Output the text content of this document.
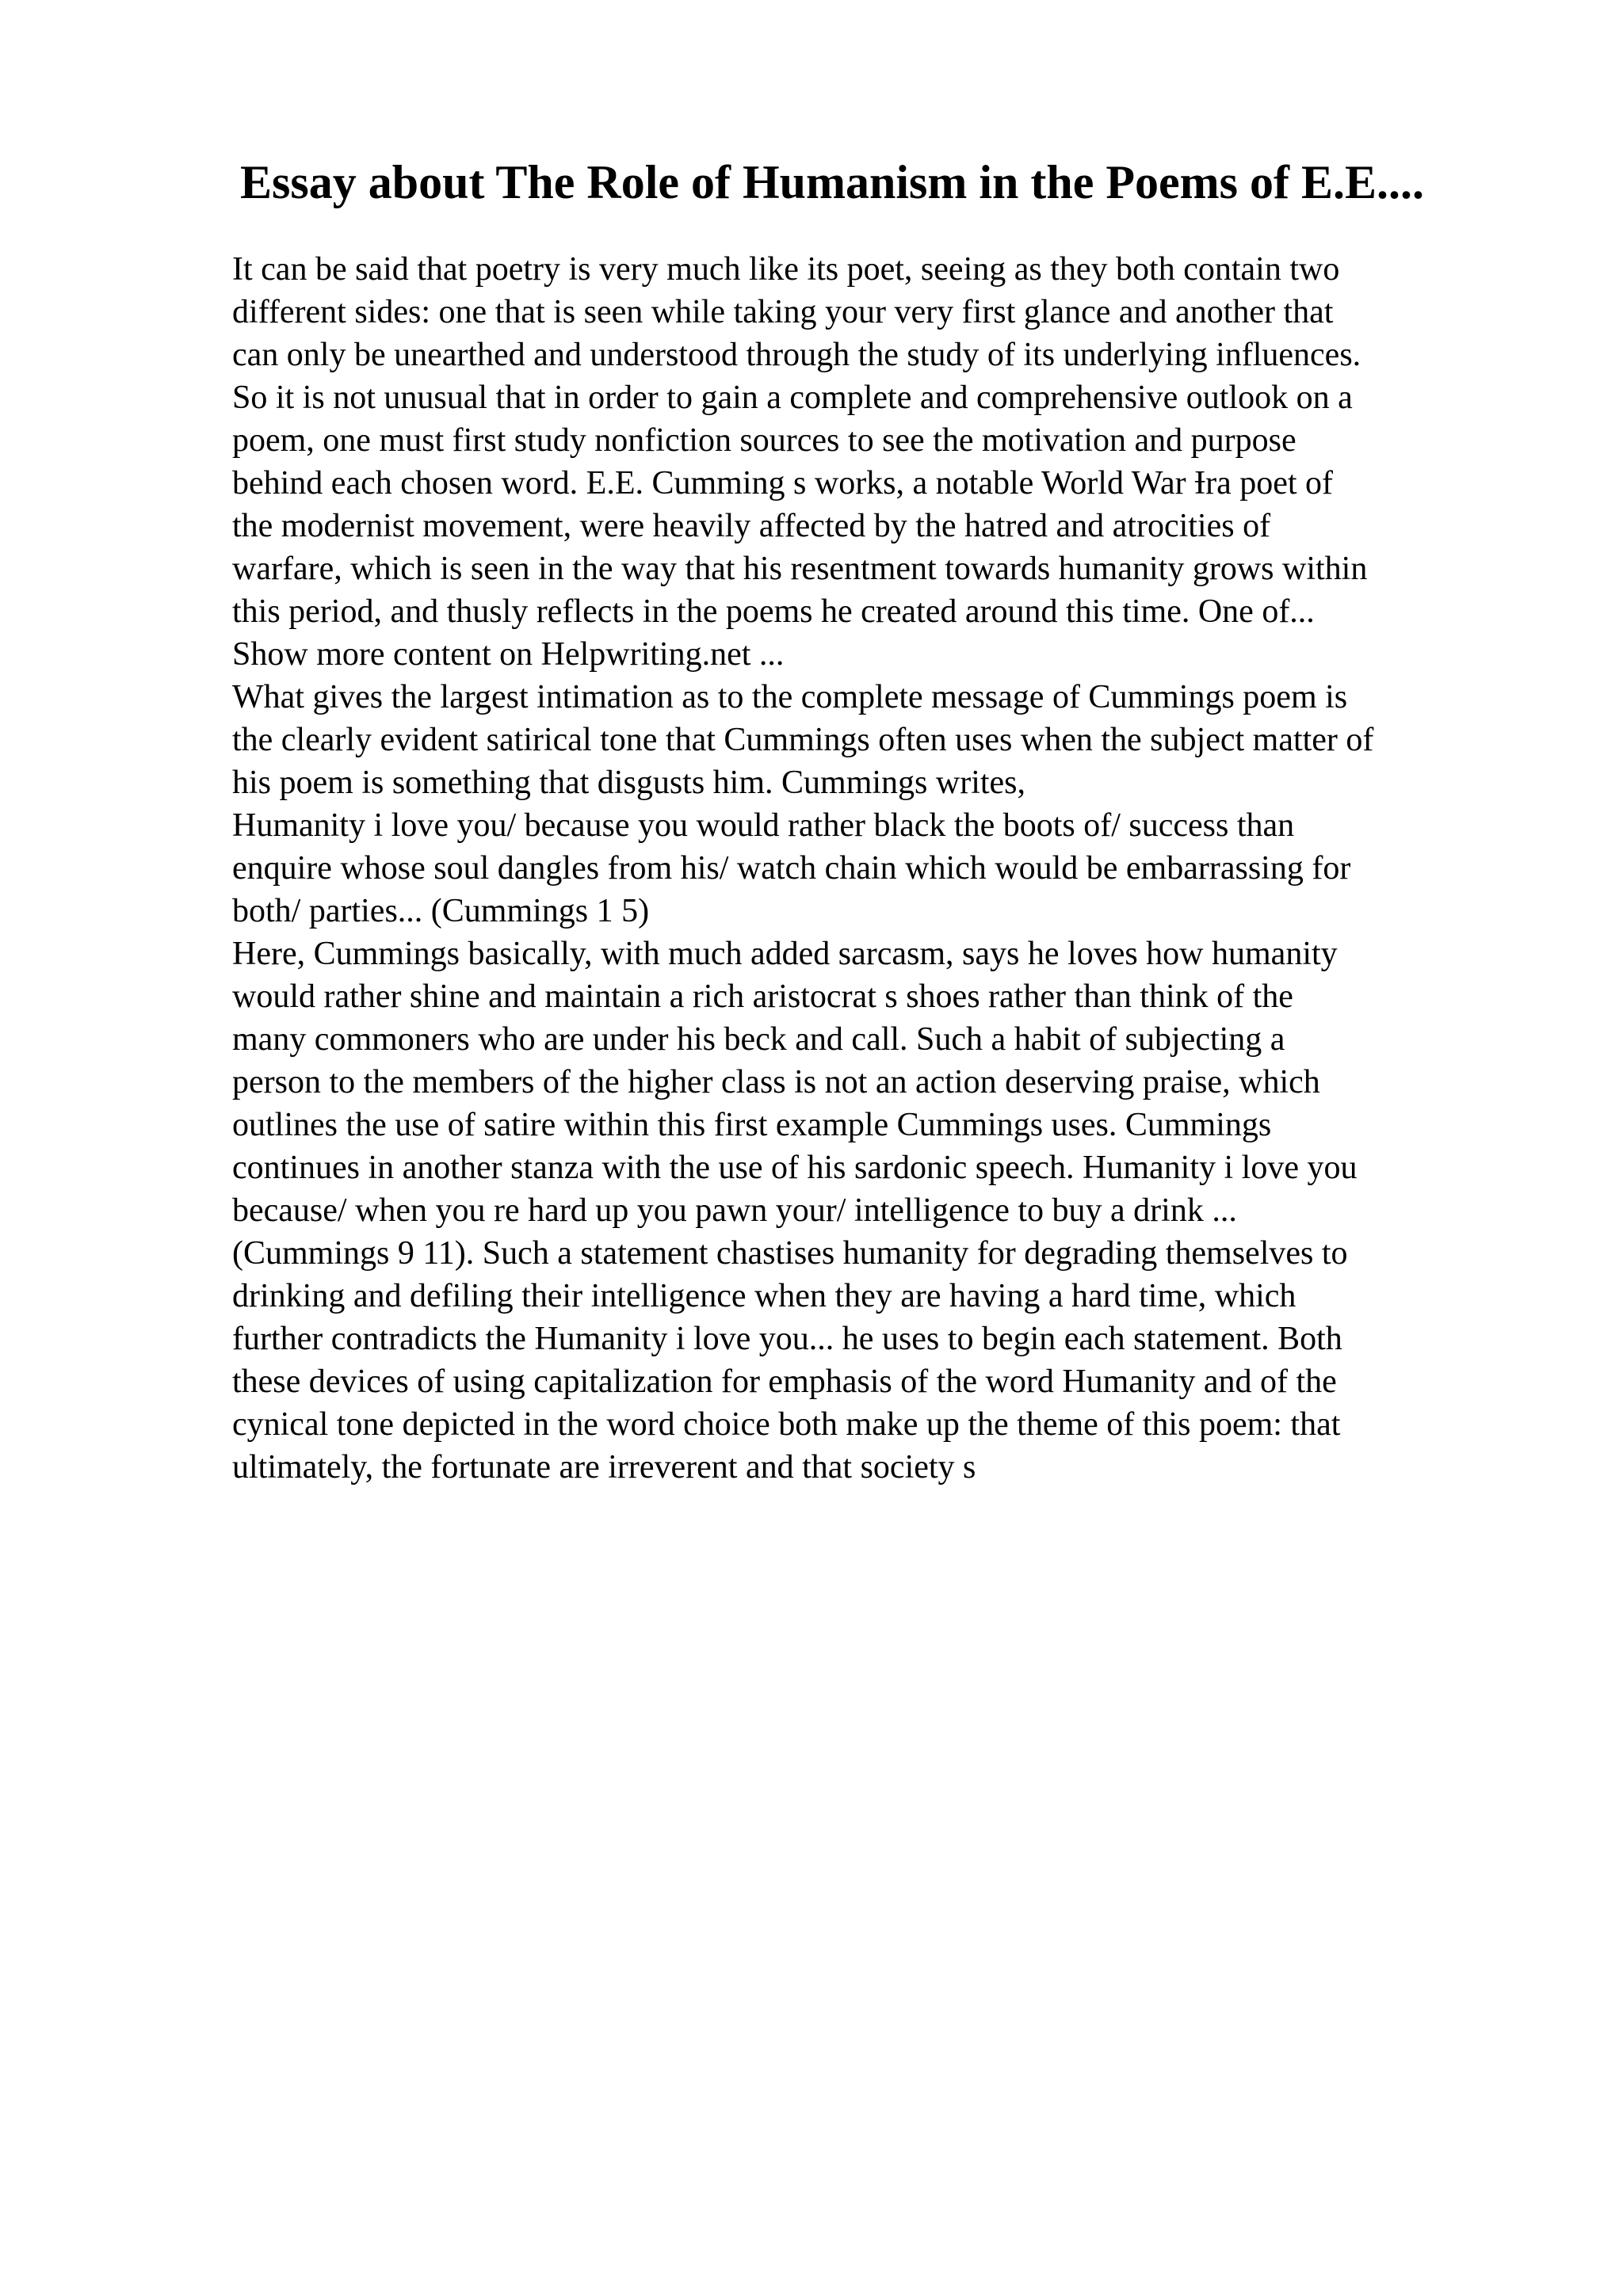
Essay about The Role of Humanism in the Poems of E.E....
It can be said that poetry is very much like its poet, seeing as they both contain two
different sides: one that is seen while taking your very first glance and another that
can only be unearthed and understood through the study of its underlying influences.
So it is not unusual that in order to gain a complete and comprehensive outlook on a
poem, one must first study nonfiction sources to see the motivation and purpose
behind each chosen word. E.E. Cumming s works, a notable World War Ɨra poet of
the modernist movement, were heavily affected by the hatred and atrocities of
warfare, which is seen in the way that his resentment towards humanity grows within
this period, and thusly reflects in the poems he created around this time. One of...
Show more content on Helpwriting.net ...
What gives the largest intimation as to the complete message of Cummings poem is
the clearly evident satirical tone that Cummings often uses when the subject matter of
his poem is something that disgusts him. Cummings writes,
Humanity i love you/ because you would rather black the boots of/ success than
enquire whose soul dangles from his/ watch chain which would be embarrassing for
both/ parties... (Cummings 1 5)
Here, Cummings basically, with much added sarcasm, says he loves how humanity
would rather shine and maintain a rich aristocrat s shoes rather than think of the
many commoners who are under his beck and call. Such a habit of subjecting a
person to the members of the higher class is not an action deserving praise, which
outlines the use of satire within this first example Cummings uses. Cummings
continues in another stanza with the use of his sardonic speech. Humanity i love you
because/ when you re hard up you pawn your/ intelligence to buy a drink ...
(Cummings 9 11). Such a statement chastises humanity for degrading themselves to
drinking and defiling their intelligence when they are having a hard time, which
further contradicts the Humanity i love you... he uses to begin each statement. Both
these devices of using capitalization for emphasis of the word Humanity and of the
cynical tone depicted in the word choice both make up the theme of this poem: that
ultimately, the fortunate are irreverent and that society s
